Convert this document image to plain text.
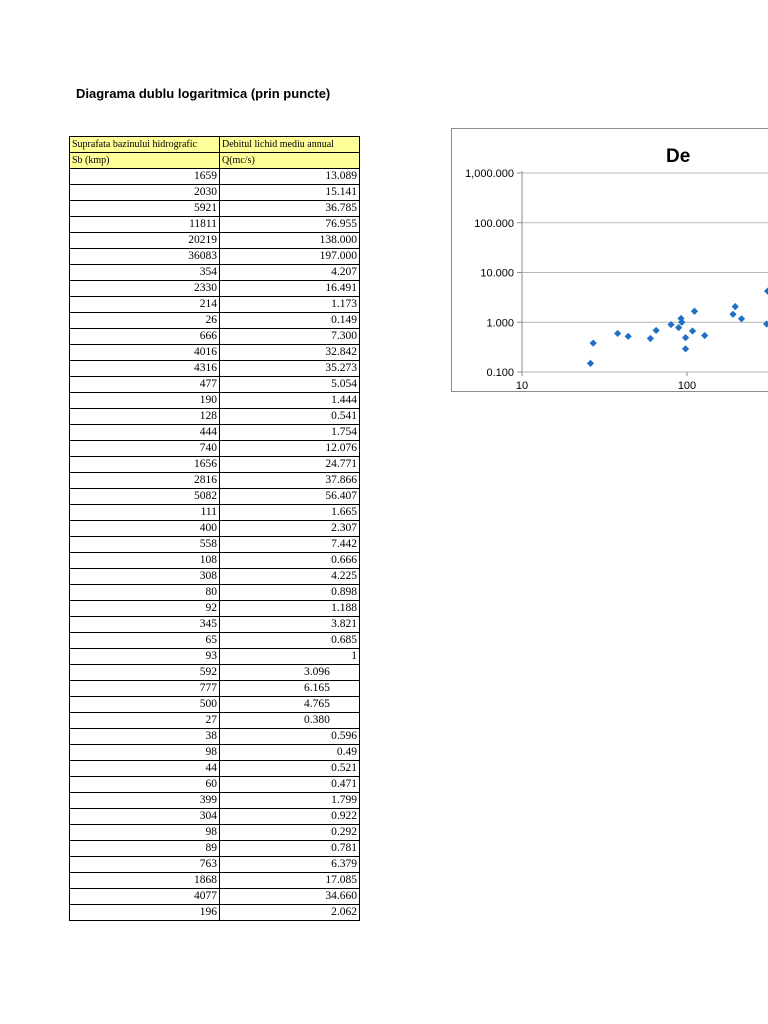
Diagrama dublu logaritmica (prin puncte)
Suprafata bazinului hidrografic	Debitul lichid mediu annual
Sb (kmp)	Q(mc/s)
1659	13.089
2030	15.141
5921	36.785
11811	76.955
20219	138.000
36083	197.000
354	4.207
2330	16.491
214	1.173
26	0.149
666	7.300
4016	32.842
4316	35.273
477	5.054
190	1.444
128	0.541
444	1.754
740	12.076
1656	24.771
2816	37.866
5082	56.407
111	1.665
400	2.307
558	7.442
108	0.666
308	4.225
80	0.898
92	1.188
345	3.821
65	0.685
93	1
592	3.096
777	6.165
500	4.765
27	0.380
38	0.596
98	0.49
44	0.521
60	0.471
399	1.799
304	0.922
98	0.292
89	0.781
763	6.379
1868	17.085
4077	34.660
196	2.062
De
1,000.000
100.000
10.000
1.000
0.100
10	100
